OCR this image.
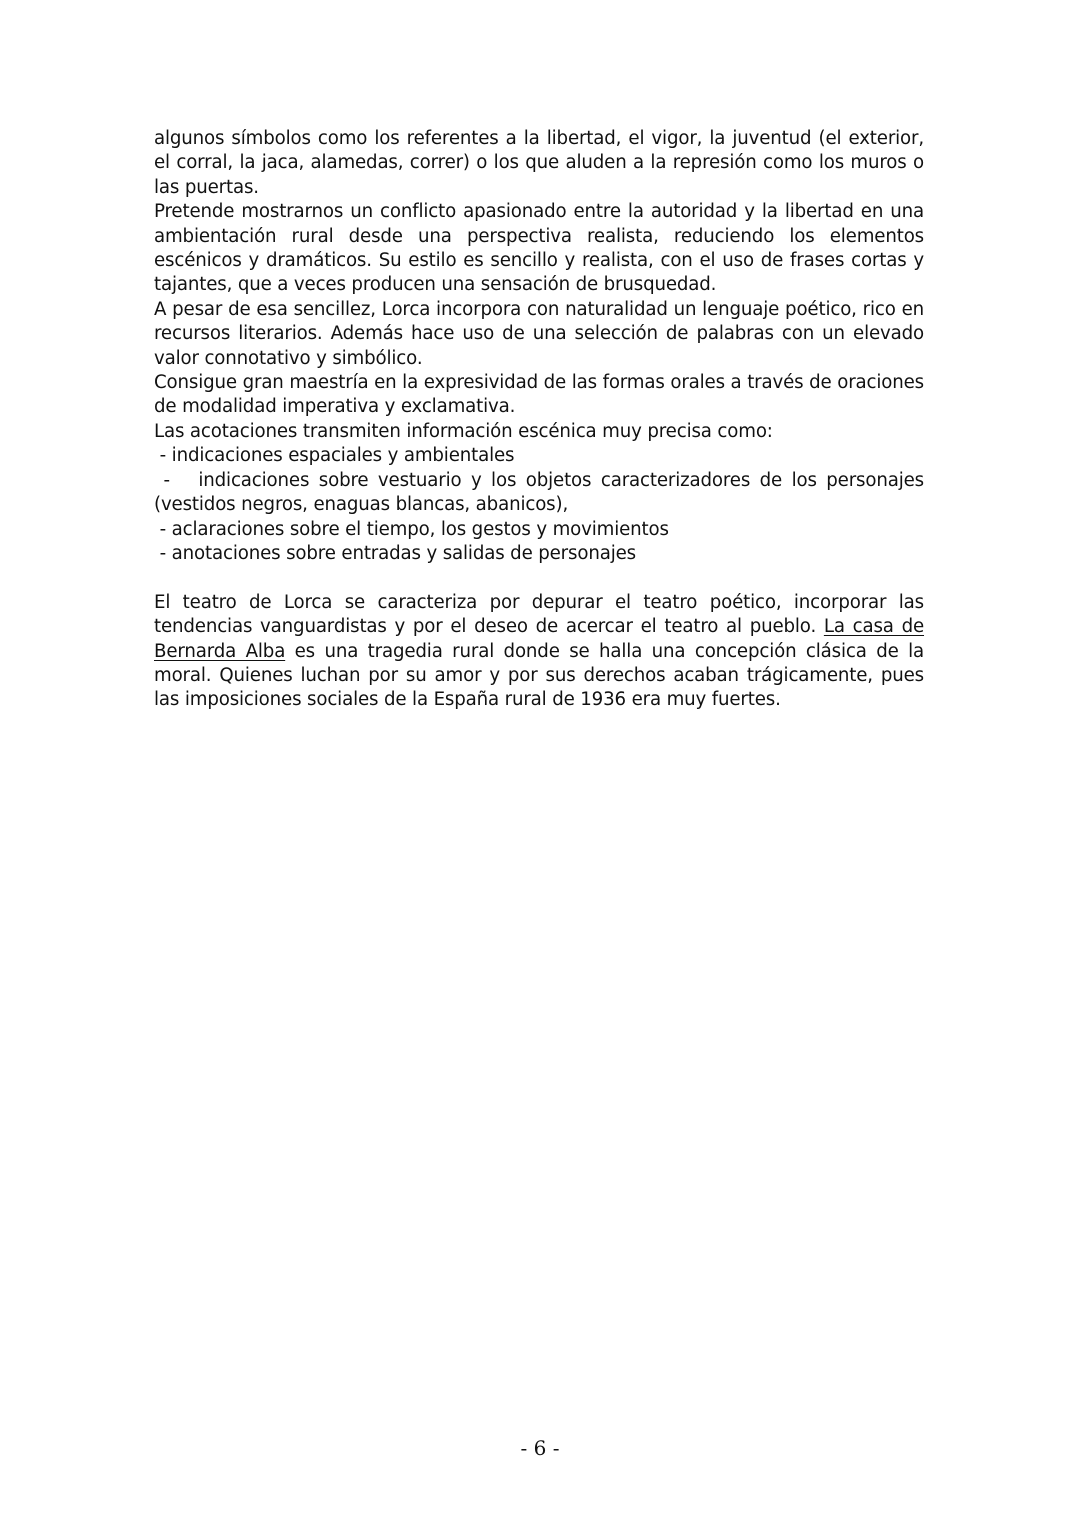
algunos símbolos como los referentes a la libertad, el vigor, la juventud (el exterior, el corral, la jaca, alamedas, correr) o los que aluden a la represión como los muros o las puertas.

Pretende mostrarnos un conflicto apasionado entre la autoridad y la libertad en una ambientación rural desde una perspectiva realista, reduciendo los elementos escénicos y dramáticos. Su estilo es sencillo y realista, con el uso de frases cortas y tajantes, que a veces producen una sensación de brusquedad.

A pesar de esa sencillez, Lorca incorpora con naturalidad un lenguaje poético, rico en recursos literarios. Además hace uso de una selección de palabras con un elevado valor connotativo y simbólico.

Consigue gran maestría en la expresividad de las formas orales a través de oraciones de modalidad imperativa y exclamativa.

Las acotaciones transmiten información escénica muy precisa como:

- indicaciones espaciales y ambientales

-   indicaciones sobre vestuario y los objetos caracterizadores de los personajes (vestidos negros, enaguas blancas, abanicos),

- aclaraciones sobre el tiempo, los gestos y movimientos

- anotaciones sobre entradas y salidas de personajes

El teatro de Lorca se caracteriza por depurar el teatro poético, incorporar las tendencias vanguardistas y por el deseo de acercar el teatro al pueblo. La casa de Bernarda Alba es una tragedia rural donde se halla una concepción clásica de la moral. Quienes luchan por su amor y por sus derechos acaban trágicamente, pues las imposiciones sociales de la España rural de 1936 era muy fuertes.

- 6 -
